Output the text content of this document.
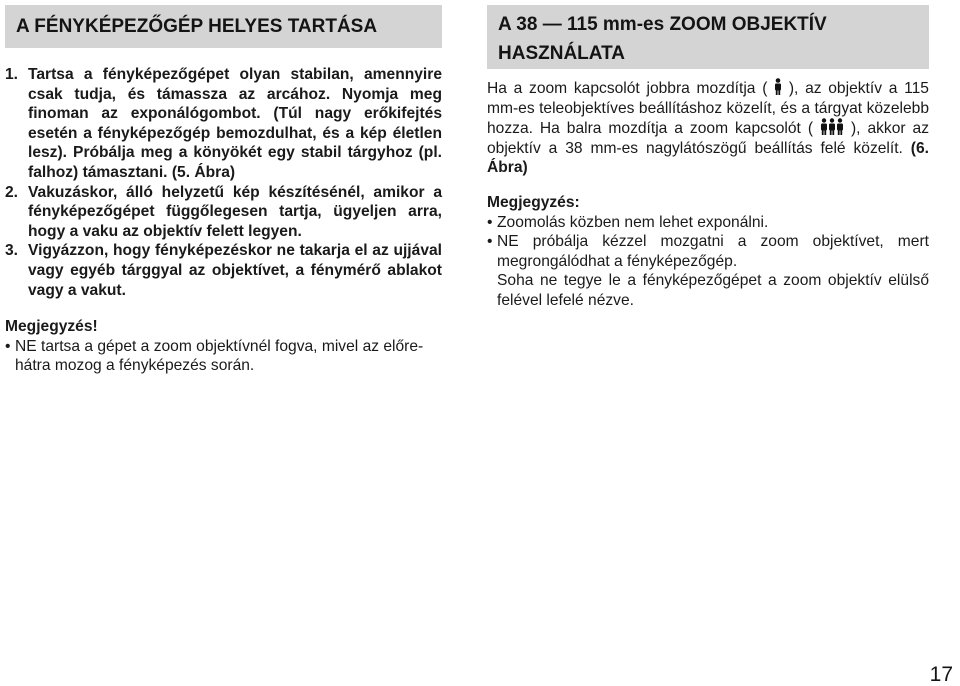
A FÉNYKÉPEZŐGÉP HELYES TARTÁSA
1. Tartsa a fényképezőgépet olyan stabilan, amennyire csak tudja, és támassza az arcához. Nyomja meg finoman az exponálógombot. (Túl nagy erőkifejtés esetén a fényképezőgép bemozdulhat, és a kép életlen lesz). Próbálja meg a könyökét egy stabil tárgyhoz (pl. falhoz) támasztani. (5. Ábra)
2. Vakuzáskor, álló helyzetű kép készítésénél, amikor a fényképezőgépet függőlegesen tartja, ügyeljen arra, hogy a vaku az objektív felett legyen.
3. Vigyázzon, hogy fényképezéskor ne takarja el az ujjával vagy egyéb tárggyal az objektívet, a fénymérő ablakot vagy a vakut.
Megjegyzés!
• NE tartsa a gépet a zoom objektívnél fogva, mivel az előre-hátra mozog a fényképezés során.
A 38 — 115 mm-es ZOOM OBJEKTÍV HASZNÁLATA
Ha a zoom kapcsolót jobbra mozdítja ( ), az objektív a 115 mm-es teleobjektíves beállításhoz közelít, és a tárgyat közelebb hozza. Ha balra mozdítja a zoom kapcsolót ( ), akkor az objektív a 38 mm-es nagylátószögű beállítás felé közelít. (6. Ábra)
Megjegyzés:
• Zoomolás közben nem lehet exponálni.
• NE próbálja kézzel mozgatni a zoom objektívet, mert megrongálódhat a fényképezőgép.
Soha ne tegye le a fényképezőgépet a zoom objektív elülső felével lefelé nézve.
17
